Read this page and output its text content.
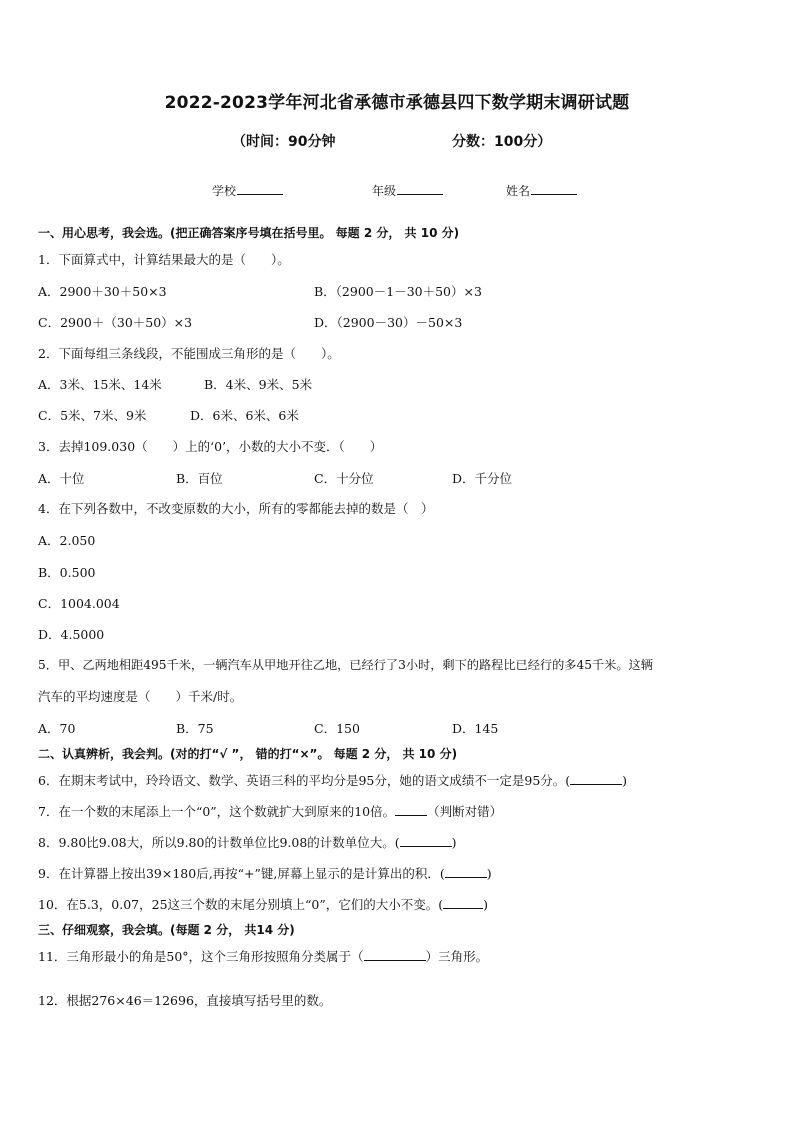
2022-2023学年河北省承德市承德县四下数学期末调研试题
（时间：90分钟	分数：100分）
学校	年级	姓名
一、用心思考，我会选。(把正确答案序号填在括号里。 每题 2 分， 共 10 分)
1．下面算式中，计算结果最大的是（　　）。
A．2900＋30＋50×3	B．（2900－1－30＋50）×3
C．2900＋（30＋50）×3	D．（2900－30）－50×3
2．下面每组三条线段，不能围成三角形的是（　　）。
A．3米、15米、14米	B．4米、9米、5米
C．5米、7米、9米	D．6米、6米、6米
3．去掉109.030（　　）上的‘0’，小数的大小不变．（　　）
A．十位	B．百位	C．十分位	D．千分位
4．在下列各数中，不改变原数的大小，所有的零都能去掉的数是（　）
A．2.050
B．0.500
C．1004.004
D．4.5000
5．甲、乙两地相距495千米，一辆汽车从甲地开往乙地，已经行了3小时，剩下的路程比已经行的多45千米。这辆
汽车的平均速度是（　　）千米/时。
A．70	B．75	C．150	D．145
二、认真辨析，我会判。(对的打“√ ”， 错的打“×”。 每题 2 分， 共 10 分)
6．在期末考试中，玲玲语文、数学、英语三科的平均分是95分，她的语文成绩不一定是95分。(	)
7．在一个数的末尾添上一个“0”，这个数就扩大到原来的10倍。	（判断对错）
8．9.80比9.08大，所以9.80的计数单位比9.08的计数单位大。(	)
9．在计算器上按出39×180后,再按“+”键,屏幕上显示的是计算出的积．(	)
10．在5.3，0.07，25这三个数的末尾分别填上“0”，它们的大小不变。(	)
三、仔细观察，我会填。(每题 2 分， 共14 分)
11．三角形最小的角是50°，这个三角形按照角分类属于（	）三角形。
12．根据276×46＝12696，直接填写括号里的数。
